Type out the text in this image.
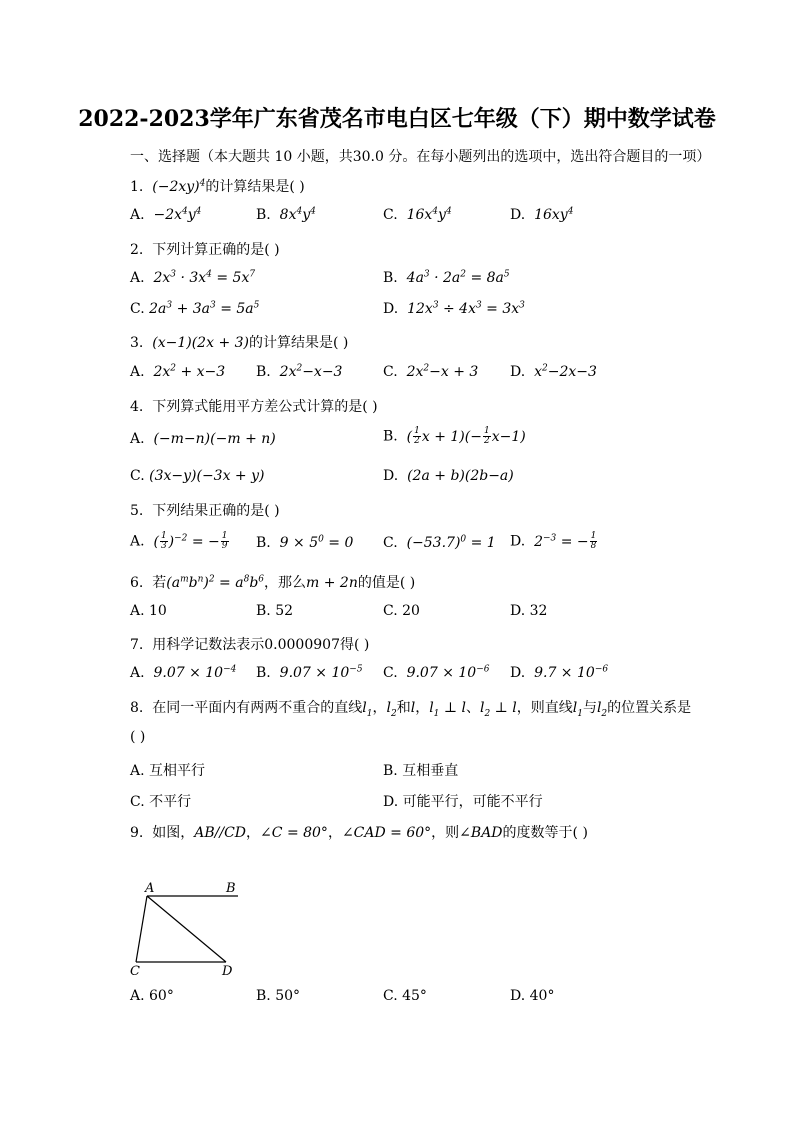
2022-2023学年广东省茂名市电白区七年级（下）期中数学试卷
一、选择题（本大题共 10 小题，共30.0 分。在每小题列出的选项中，选出符合题目的一项）
1. $(-2xy)^4$的计算结果是( )
A. $-2x^4y^4$	B. $8x^4y^4$	C. $16x^4y^4$	D. $16xy^4$
2. 下列计算正确的是( )
A. $2x^3 \cdot 3x^4 = 5x^7$	B. $4a^3 \cdot 2a^2 = 8a^5$
C. $2a^3 + 3a^3 = 5a^5$	D. $12x^3 \div 4x^3 = 3x^3$
3. (x−1)(2x + 3)的计算结果是( )
A. $2x^2 + x-3$ B. $2x^2-x-3$	C. $2x^2-x + 3$ D. $x^2-2x-3$
4. 下列算式能用平方差公式计算的是( )
A. (−m−n)(−m + n)	B. ( $\frac{1}{2}$ $x + 1)(- \frac{1}{2} x-1)$
C. (3x−y)(−3x + y)	D. (2a + b)(2b−a)
5. 下列结果正确的是( )
A. ( $\frac{1}{3} )^{-2}$ = − $\frac{1}{9} B$. $9 \times 5^0 = 0$ C. $(-53.7)^0 = 1$ D. $2^{-3}$ = − $\frac{1}{8}$
6. 若$(a^mb^n)^2 = a^8b^6$，那么m + 2n的值是( )
A. 10	B. 52	C. 20	D. 32
7. 用科学记数法表示0.0000907得( )
A. $9.07 \times 10^{-4}$ B. $9.07 \times 10^{-5}$ C. $9.07 \times 10^{-6}$ D. $9.7 \times 10^{-6}$
8. 在同一平面内有两两不重合的直线$l_1$，$l_2$和l，$l_1$ ⊥ l、$l_2$ ⊥ l，则直线$l_1$与$l_2$的位置关系是
( )
A. 互相平行	B. 互相垂直
C. 不平行	D. 可能平行，可能不平行
9. 如图，AB//CD，∠C = 80°，∠CAD = 60°，则∠BAD的度数等于( )
A	B
C	D
A. 60°	B. 50°	C. 45°	D. 40°
